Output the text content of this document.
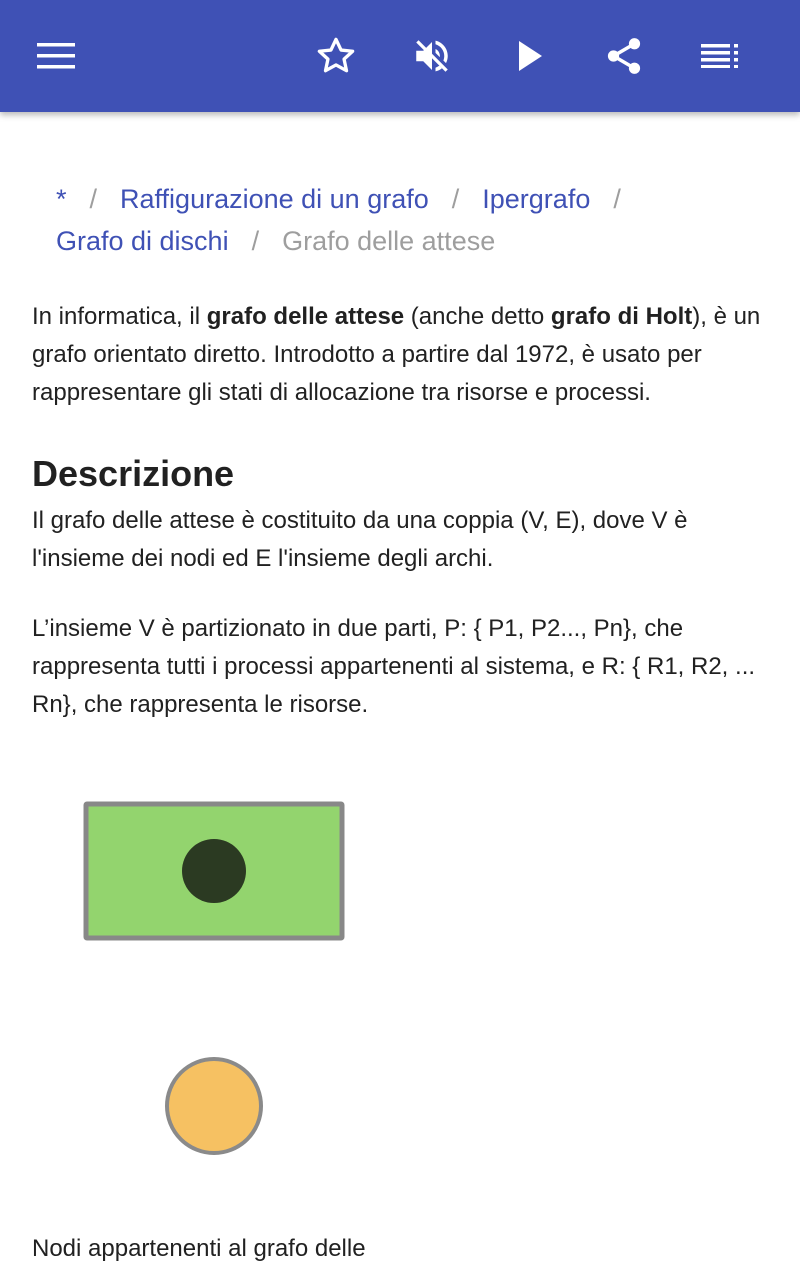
* / Raffigurazione di un grafo / Ipergrafo /
Grafo di dischi / Grafo delle attese

In informatica, il grafo delle attese (anche detto grafo di Holt), è un grafo orientato diretto. Introdotto a partire dal 1972, è usato per rappresentare gli stati di allocazione tra risorse e processi.

Descrizione

Il grafo delle attese è costituito da una coppia (V, E), dove V è l'insieme dei nodi ed E l'insieme degli archi.

L’insieme V è partizionato in due parti, P: { P1, P2..., Pn}, che rappresenta tutti i processi appartenenti al sistema, e R: { R1, R2, ... Rn}, che rappresenta le risorse.

Nodi appartenenti al grafo delle
